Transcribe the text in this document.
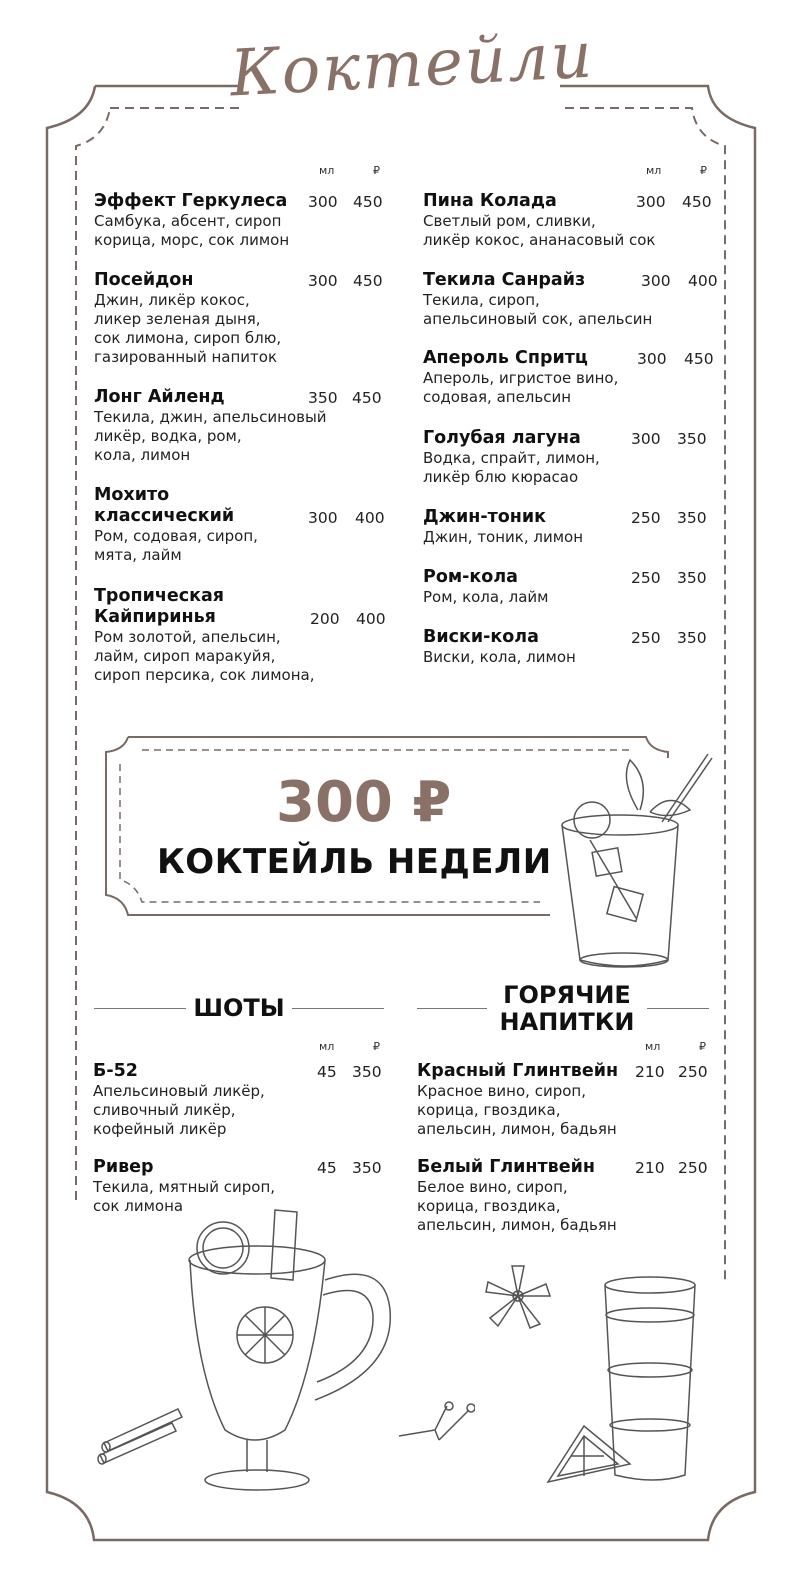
Коктейли
мл	₽	мл	₽
Эффект Геркулеса
Самбука, абсент, сироп
корица, морс, сок лимон
300 450
Посейдон
Джин, ликёр кокос,
ликер зеленая дыня,
сок лимона, сироп блю,
газированный напиток
300 450
Лонг Айленд
Текила, джин, апельсиновый
ликёр, водка, ром,
кола, лимон
350 450
Мохито
классический
Ром, содовая, сироп,
мята, лайм
300 400
Тропическая
Кайпиринья
Ром золотой, апельсин,
лайм, сироп маракуйя,
сироп персика, сок лимона,
200 400
Пина Колада
Светлый ром, сливки,
ликёр кокос, ананасовый сок
300 450
Текила Санрайз
Текила, сироп,
апельсиновый сок, апельсин
300 400
Апероль Спритц
Апероль, игристое вино,
содовая, апельсин
300 450
Голубая лагуна
Водка, спрайт, лимон,
ликёр блю кюрасао
300 350
Джин-тоник
Джин, тоник, лимон
250 350
Ром-кола
Ром, кола, лайм
250 350
Виски-кола
Виски, кола, лимон
250 350
300 ₽
КОКТЕЙЛЬ НЕДЕЛИ
ШОТЫ	ГОРЯЧИЕ
НАПИТКИ
мл	₽	мл	₽
Б-52
Апельсиновый ликёр,
сливочный ликёр,
кофейный ликёр
45 350
Ривер
Текила, мятный сироп,
сок лимона
45 350
Красный Глинтвейн
Красное вино, сироп,
корица, гвоздика,
апельсин, лимон, бадьян
210 250
Белый Глинтвейн
Белое вино, сироп,
корица, гвоздика,
апельсин, лимон, бадьян
210 250
